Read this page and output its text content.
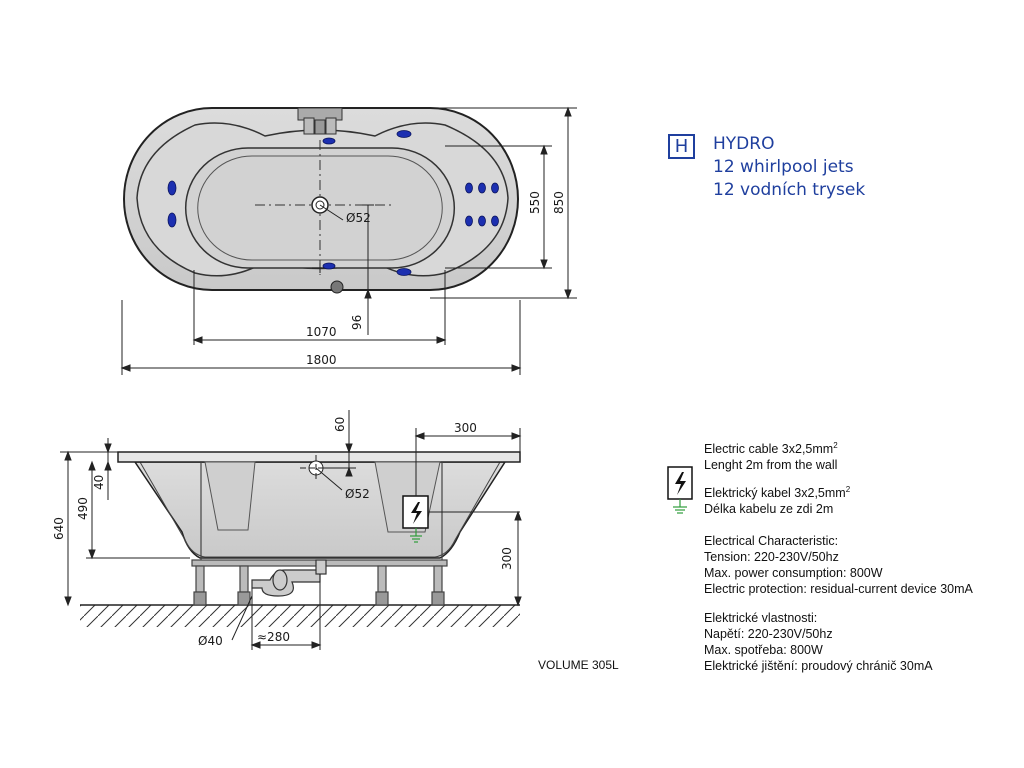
Ø52
1800
1070
96
550 850
Ø52
640
490
40
60	300
300
≈280
Ø40
H	HYDRO
12 whirlpool jets
12 vodních trysek
Electric cable $3x2,5mm^2$
Lenght 2m from the wall
Elektrický kabel $3x2,5mm^2$
Délka kabelu ze zdi 2m
Electrical Characteristic:
Tension: 220-230V/50hz
Max. power consumption: 800W
Electric protection: residual-current device 30mA
Elektrické vlastnosti:
Napětí: 220-230V/50hz
Max. spotřeba: 800W
Elektrické jištění: proudový chránič 30mA
VOLUME 305L
